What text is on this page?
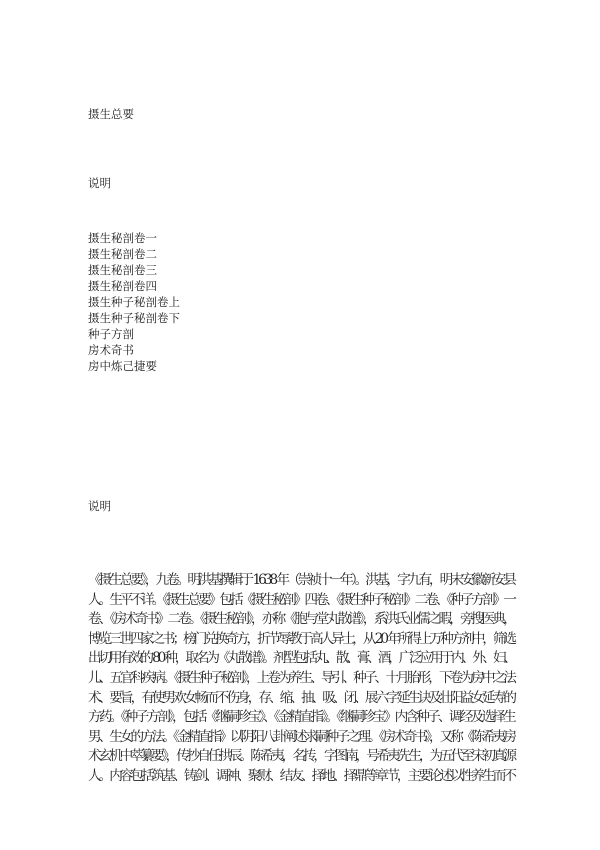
摄生总要
说明
摄生秘剖卷一
摄生秘剖卷二
摄生秘剖卷三
摄生秘剖卷四
摄生种子秘剖卷上
摄生种子秘剖卷下
种子方剖
房术奇书
房中炼己捷要
说明
《摄生总要》，九卷。明洪基撰辑于 1638 年（崇祯十一年）。洪基，字九有，明末安徽新安县
人。生平不详。《摄生总要》包括《摄生秘剖》四卷、《摄生种子秘剖》二卷、《种子方剖》一
卷、《房术奇书》二卷。《摄生秘剖》，亦称《胞与堂丸散谱》，系洪氏业儒之暇，旁搜医典，
博览三世四家之书；榜门兑换奇方，折节辱教于高人异士，从 20 年所得上万种方剂中，筛选
出切用有效的 80 种，取名为《丸散谱》。剂型包括丸、散、膏、酒，广泛应用于内、外、妇、
儿、五官科疾病。《摄生种子秘剖》，上卷为养生、导引、种子、十月胎形，下卷为房中之法
术、要旨，有使男欢女畅而不伤身，存、缩、抽、吸、闭、展六字延生诀及壮阳益女延寿的
方药。《种子方剖》，包括《继嗣珍宝》、《金精直指》。《继嗣珍宝》内含种子、调经及选择生
男、生女的方法。《金精直指》以阴阳八卦阐述求嗣种子之理。《房术奇书》，又称《陈希夷房
术玄机中萃纂要》，传抄自任拱辰。陈希夷，名抟，字图南，号希夷先生，为五代至宋初真源
人。内容包括筑基、铸剑、调神、聚财、结友、择地、择鼎等章节，主要论述以性养生而不
